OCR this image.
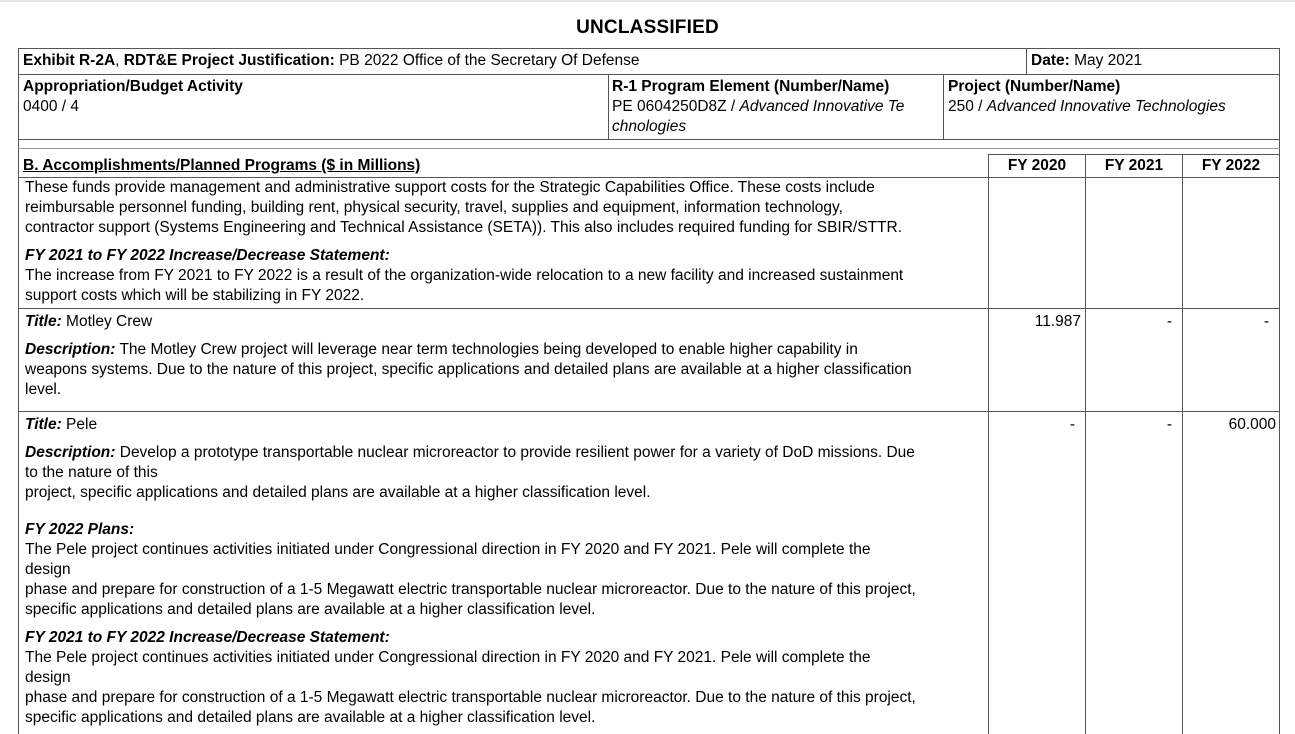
UNCLASSIFIED
Exhibit R-2A, RDT&E Project Justification: PB 2022 Office of the Secretary Of Defense	Date: May 2021
Appropriation/Budget Activity
0400 / 4
R-1 Program Element (Number/Name)
PE 0604250D8Z / Advanced Innovative Te
chnologies
Project (Number/Name)
250 / Advanced Innovative Technologies
B. Accomplishments/Planned Programs ($ in Millions)	FY 2020	FY 2021	FY 2022
These funds provide management and administrative support costs for the Strategic Capabilities Office. These costs include
reimbursable personnel funding, building rent, physical security, travel, supplies and equipment, information technology,
contractor support (Systems Engineering and Technical Assistance (SETA)). This also includes required funding for SBIR/STTR.
FY 2021 to FY 2022 Increase/Decrease Statement:
The increase from FY 2021 to FY 2022 is a result of the organization-wide relocation to a new facility and increased sustainment
support costs which will be stabilizing in FY 2022.
Title: Motley Crew	11.987	-	-
Description: The Motley Crew project will leverage near term technologies being developed to enable higher capability in
weapons systems. Due to the nature of this project, specific applications and detailed plans are available at a higher classification
level.
Title: Pele	-	-	60.000
Description: Develop a prototype transportable nuclear microreactor to provide resilient power for a variety of DoD missions. Due
to the nature of this
project, specific applications and detailed plans are available at a higher classification level.
FY 2022 Plans:
The Pele project continues activities initiated under Congressional direction in FY 2020 and FY 2021. Pele will complete the
design
phase and prepare for construction of a 1-5 Megawatt electric transportable nuclear microreactor. Due to the nature of this project,
specific applications and detailed plans are available at a higher classification level.
FY 2021 to FY 2022 Increase/Decrease Statement:
The Pele project continues activities initiated under Congressional direction in FY 2020 and FY 2021. Pele will complete the
design
phase and prepare for construction of a 1-5 Megawatt electric transportable nuclear microreactor. Due to the nature of this project,
specific applications and detailed plans are available at a higher classification level.
